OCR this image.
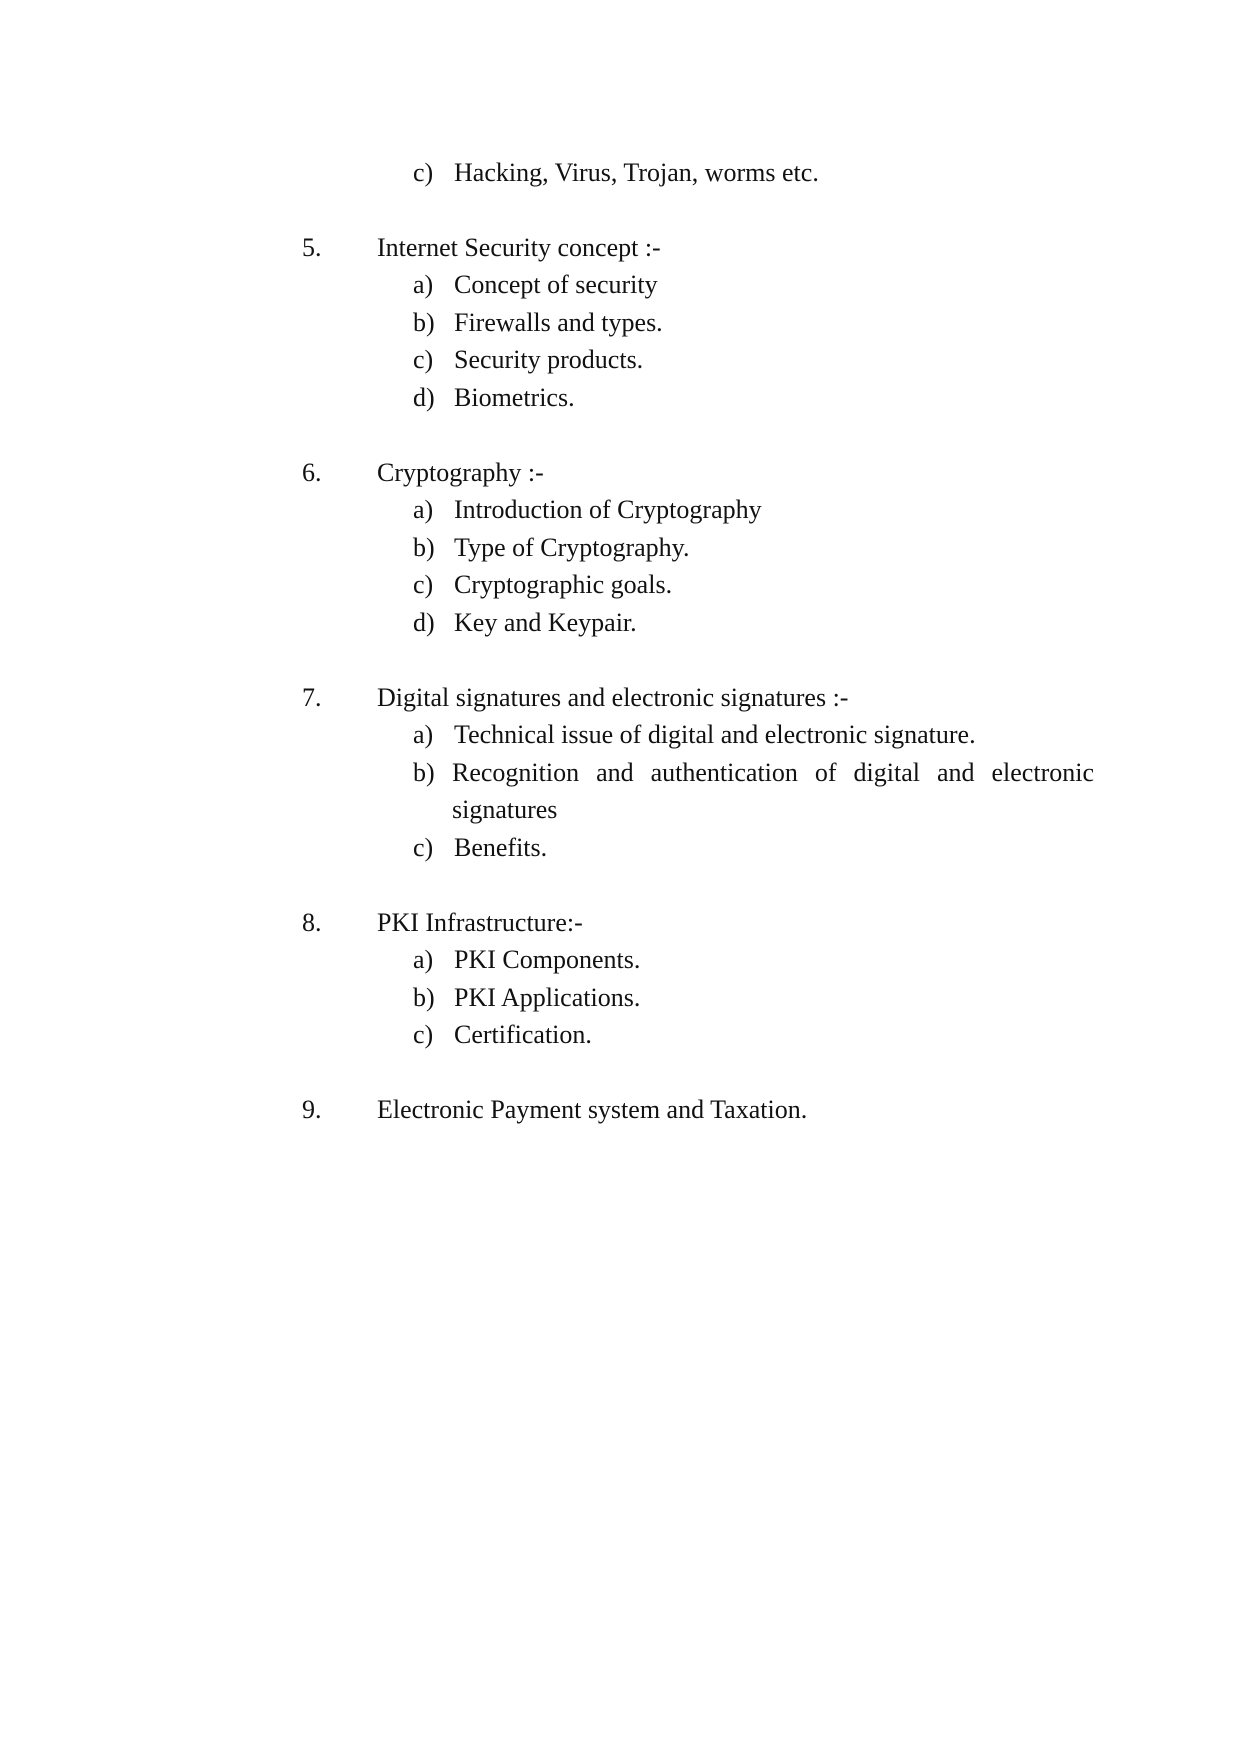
c) Hacking, Virus, Trojan, worms etc.
5. Internet Security concept :-
a) Concept of security
b) Firewalls and types.
c) Security products.
d) Biometrics.
6. Cryptography :-
a) Introduction of Cryptography
b) Type of Cryptography.
c) Cryptographic goals.
d) Key and Keypair.
7. Digital signatures and electronic signatures :-
a) Technical issue of digital and electronic signature.
b) Recognition and authentication of digital and electronic
signatures
c) Benefits.
8. PKI Infrastructure:-
a) PKI Components.
b) PKI Applications.
c) Certification.
9. Electronic Payment system and Taxation.
